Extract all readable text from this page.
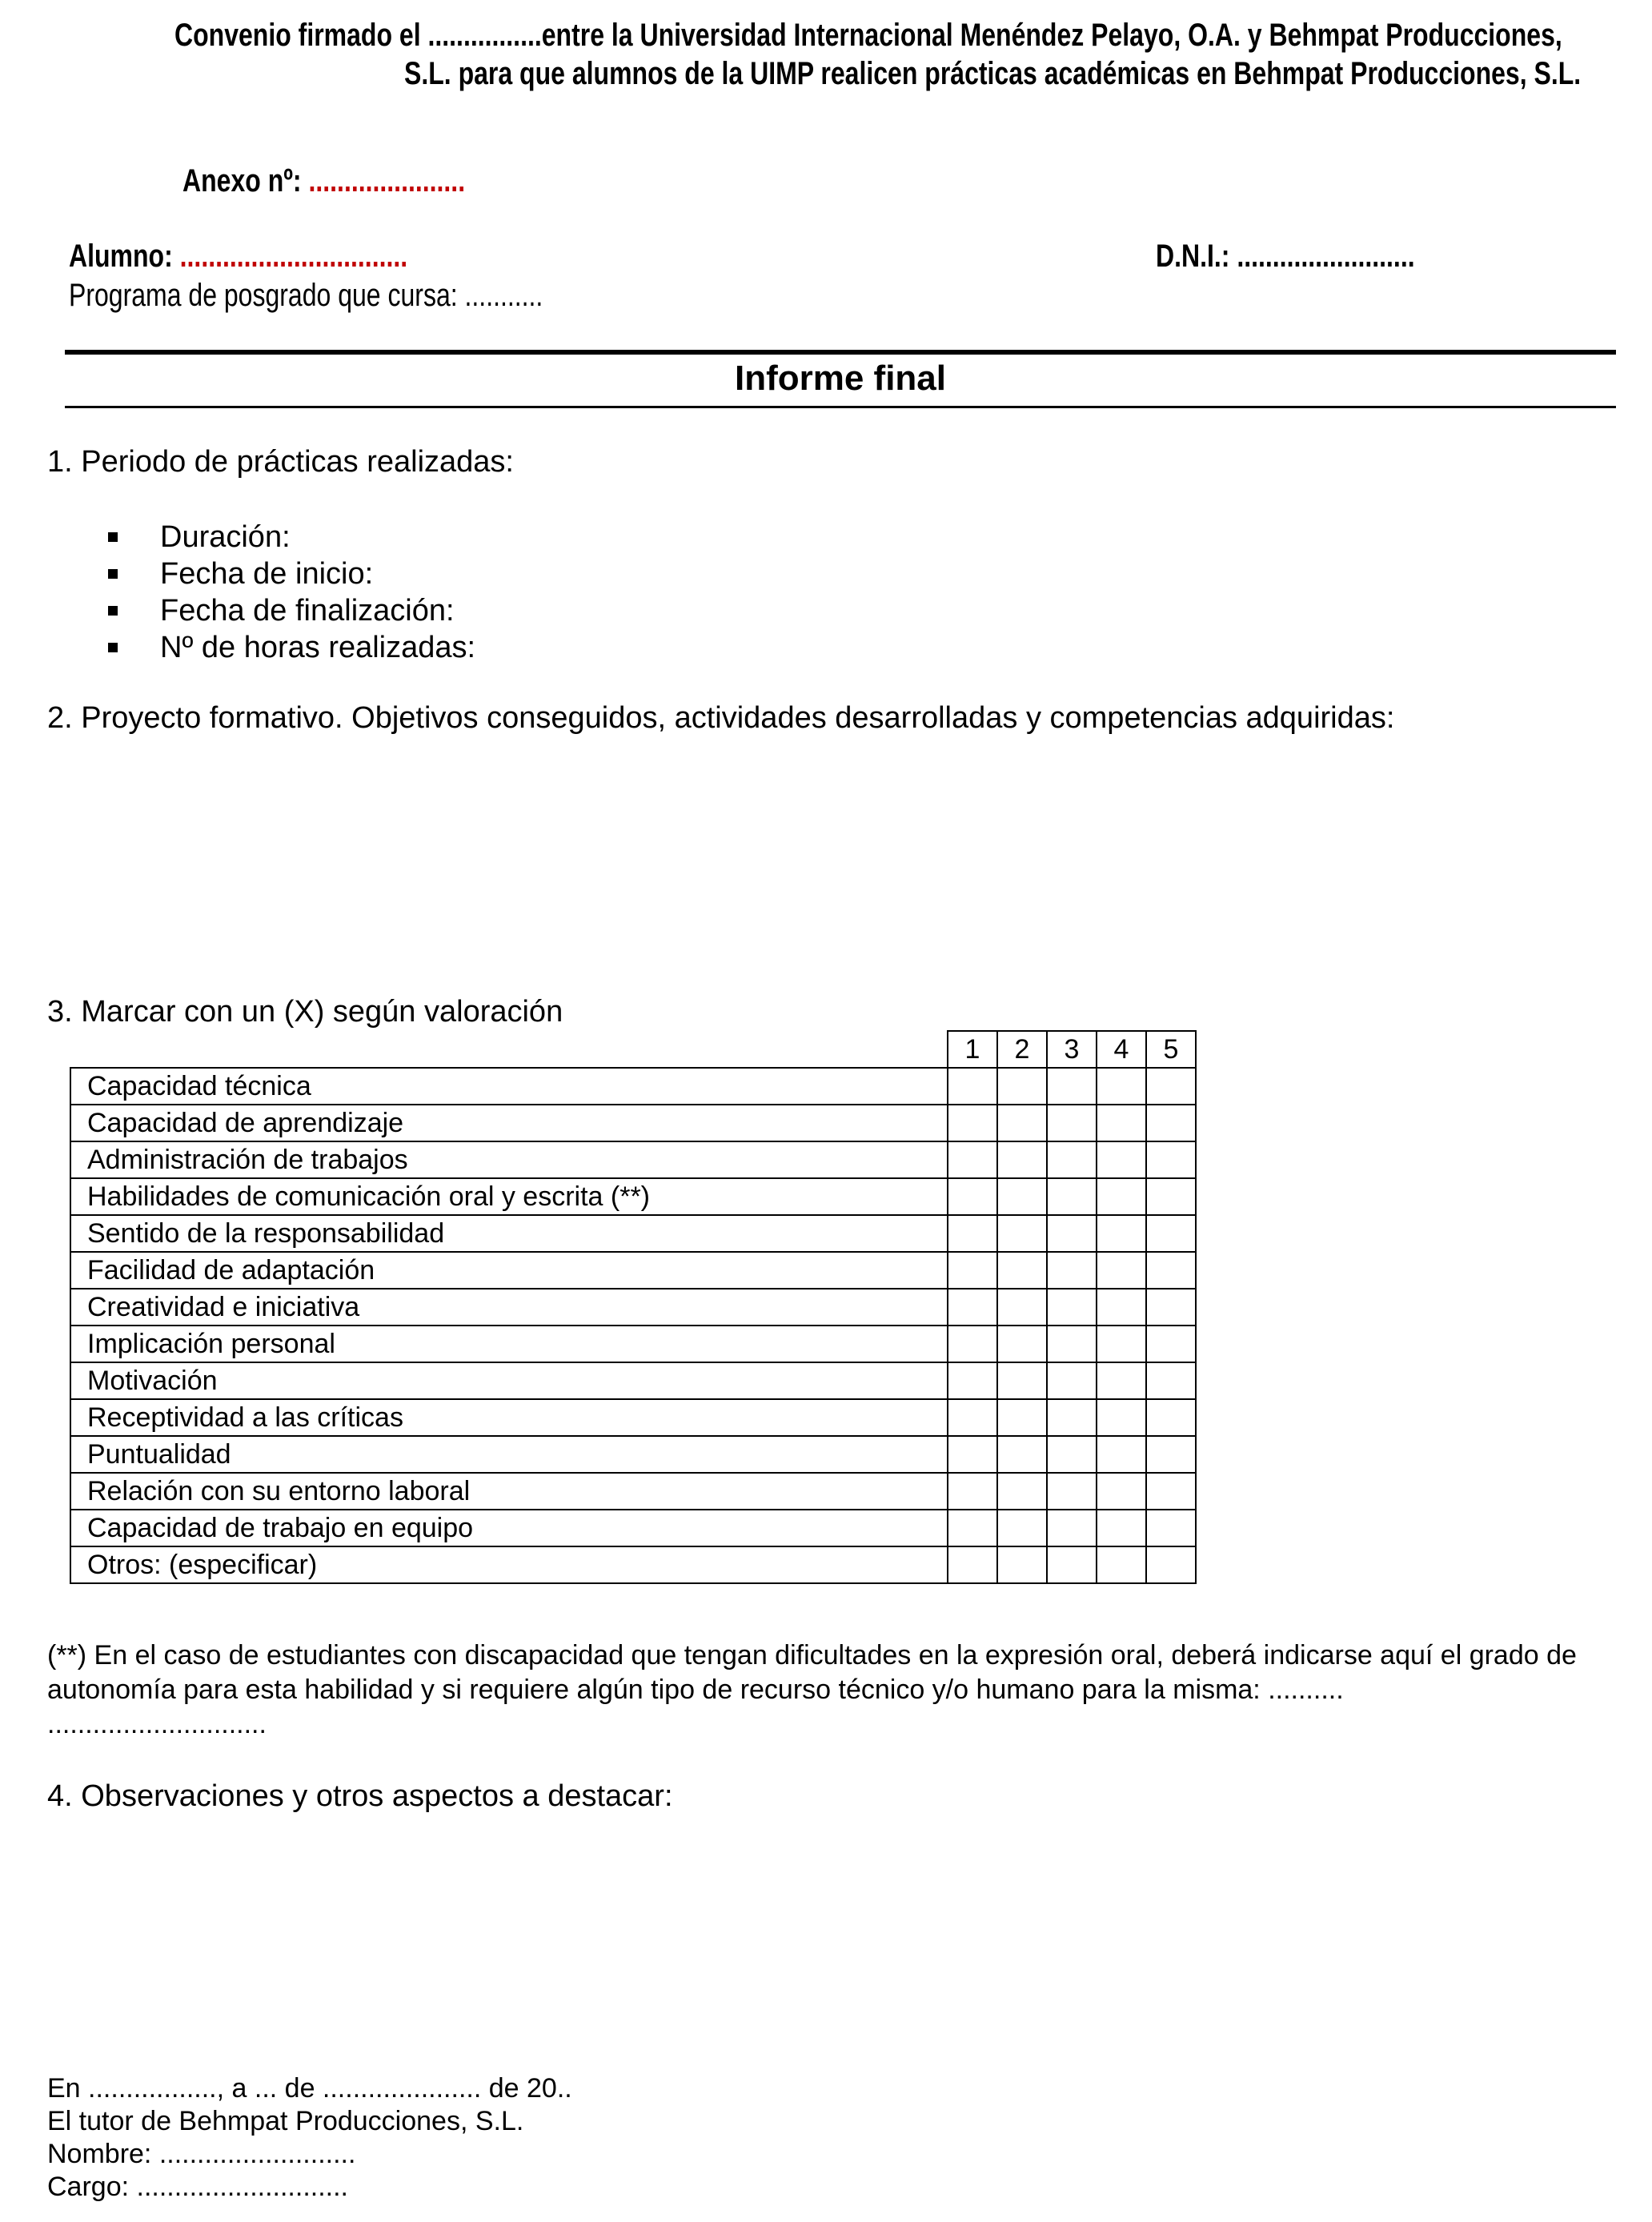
Convenio firmado el ................entre la Universidad Internacional Menéndez Pelayo, O.A. y Behmpat Producciones,
S.L. para que alumnos de la UIMP realicen prácticas académicas en Behmpat Producciones, S.L.
Anexo nº: ......................
Alumno: ................................	D.N.I.: .........................
Programa de posgrado que cursa: ...........
Informe final
1. Periodo de prácticas realizadas:
Duración:
Fecha de inicio:
Fecha de finalización:
Nº de horas realizadas:
2. Proyecto formativo. Objetivos conseguidos, actividades desarrolladas y competencias adquiridas:
3. Marcar con un (X) según valoración
	1	2	3	4	5
Capacidad técnica					
Capacidad de aprendizaje					
Administración de trabajos					
Habilidades de comunicación oral y escrita (**)					
Sentido de la responsabilidad					
Facilidad de adaptación					
Creatividad e iniciativa					
Implicación personal					
Motivación					
Receptividad a las críticas					
Puntualidad					
Relación con su entorno laboral					
Capacidad de trabajo en equipo					
Otros: (especificar)					
(**) En el caso de estudiantes con discapacidad que tengan dificultades en la expresión oral, deberá indicarse aquí el grado de autonomía para esta habilidad y si requiere algún tipo de recurso técnico y/o humano para la misma: ..........
.............................
4. Observaciones y otros aspectos a destacar:
En ................., a ... de ..................... de 20..
El tutor de Behmpat Producciones, S.L.
Nombre: ..........................
Cargo: ............................
